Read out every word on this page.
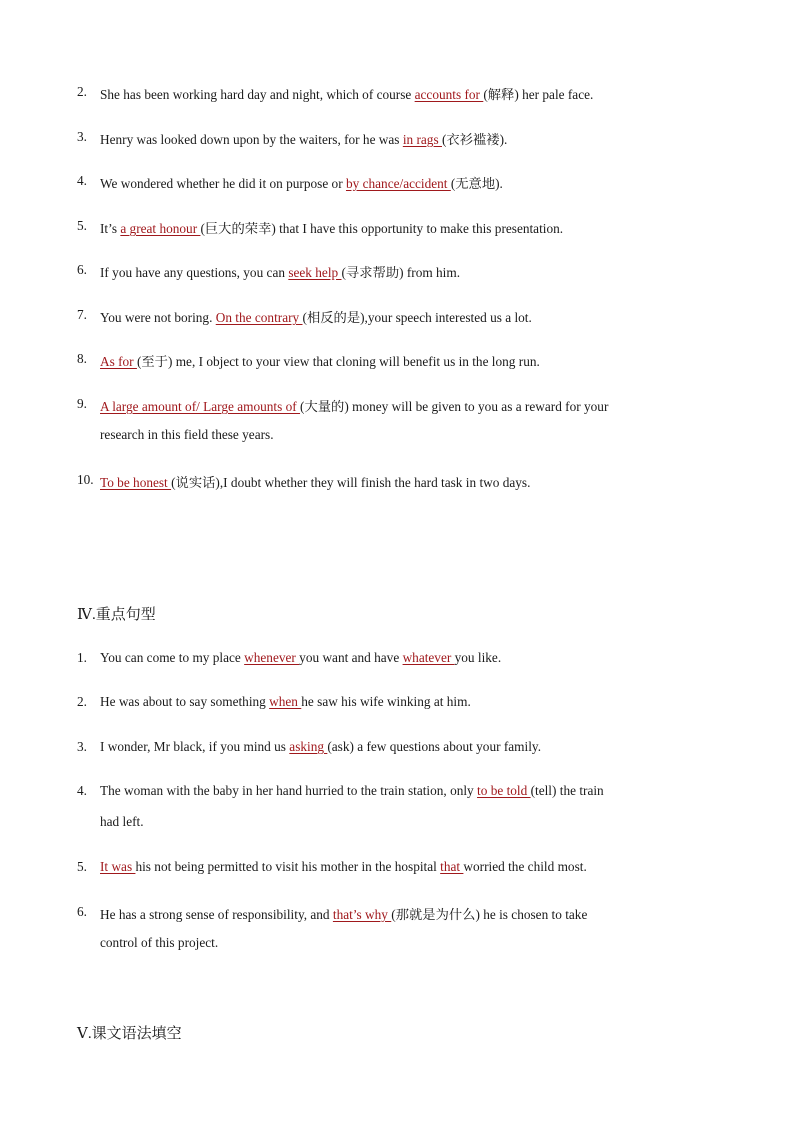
2. She has been working hard day and night, which of course accounts for (解释) her pale face.
3. Henry was looked down upon by the waiters, for he was in rags (衣衫褴褛).
4. We wondered whether he did it on purpose or by chance/accident (无意地).
5. It’s a great honour (巨大的荣幸) that I have this opportunity to make this presentation.
6. If you have any questions, you can seek help (寻求帮助) from him.
7. You were not boring. On the contrary (相反的是),your speech interested us a lot.
8. As for (至于) me, I object to your view that cloning will benefit us in the long run.
9. A large amount of/ Large amounts of (大量的) money will be given to you as a reward for your
research in this field these years.
10. To be honest (说实话),I doubt whether they will finish the hard task in two days.
Ⅳ.重点句型
1. You can come to my place whenever you want and have whatever you like.
2. He was about to say something when he saw his wife winking at him.
3. I wonder, Mr black, if you mind us asking (ask) a few questions about your family.
4. The woman with the baby in her hand hurried to the train station, only to be told (tell) the train
had left.
5. It was his not being permitted to visit his mother in the hospital that worried the child most.
6. He has a strong sense of responsibility, and that’s why (那就是为什么) he is chosen to take
control of this project.
Ⅴ.课文语法填空
